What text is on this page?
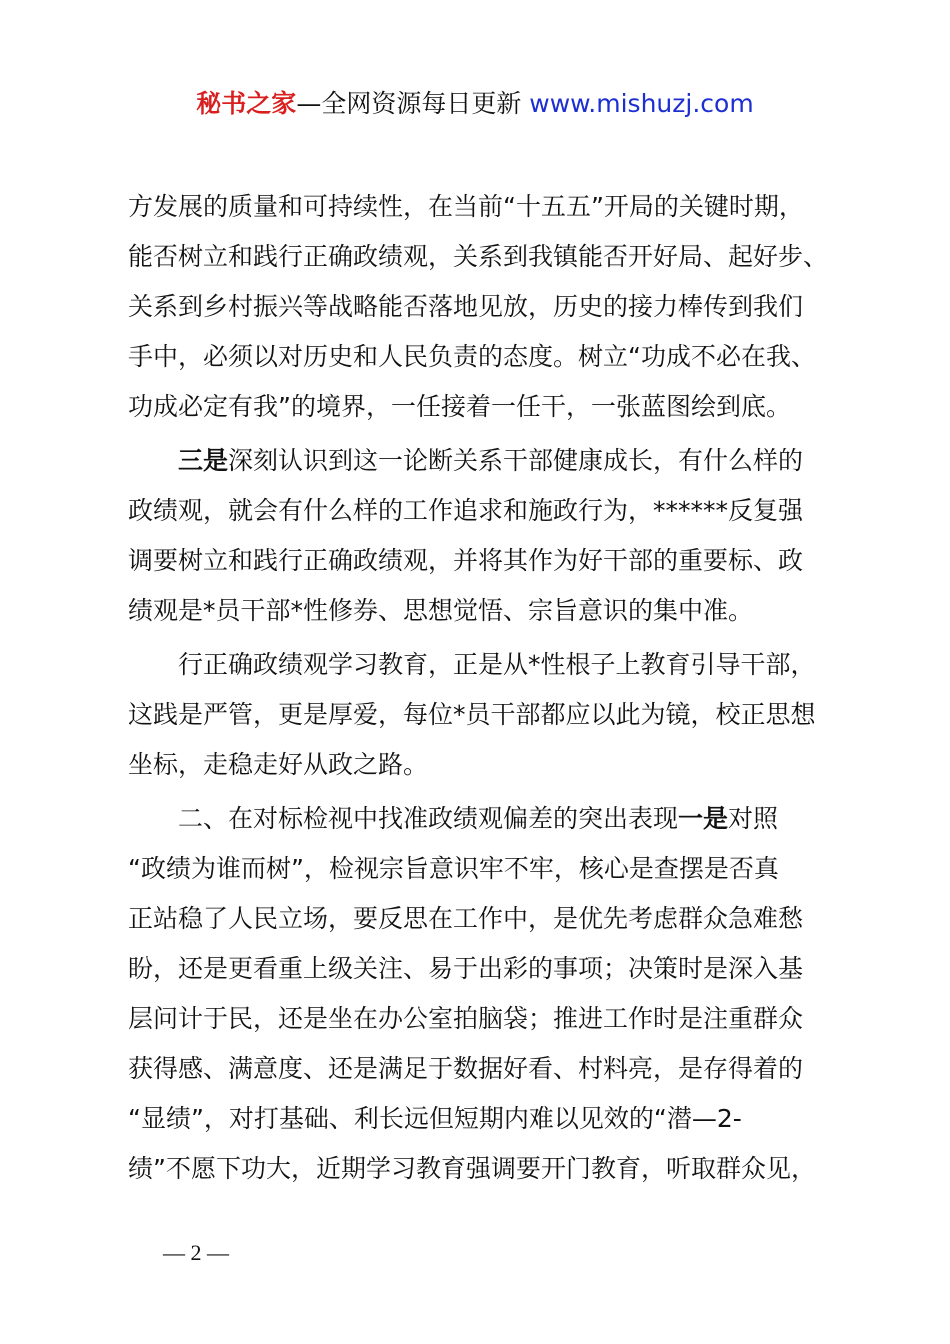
秘书之家—全网资源每日更新 www.mishuzj.com
方发展的质量和可持续性，在当前“十五五”开局的关键时期，
能否树立和践行正确政绩观，关系到我镇能否开好局、起好步、
关系到乡村振兴等战略能否落地见放，历史的接力棒传到我们
手中，必须以对历史和人民负责的态度。树立“功成不必在我、
功成必定有我”的境界，一任接着一任干，一张蓝图绘到底。
三是深刻认识到这一论断关系干部健康成长，有什么样的
政绩观，就会有什么样的工作追求和施政行为，******反复强
调要树立和践行正确政绩观，并将其作为好干部的重要标、政
绩观是*员干部*性修券、思想觉悟、宗旨意识的集中准。
行正确政绩观学习教育，正是从*性根子上教育引导干部，
这践是严管，更是厚爱，每位*员干部都应以此为镜，校正思想
坐标，走稳走好从政之路。
二、在对标检视中找准政绩观偏差的突出表现一是对照
“政绩为谁而树”，检视宗旨意识牢不牢，核心是查摆是否真
正站稳了人民立场，要反思在工作中，是优先考虑群众急难愁
盼，还是更看重上级关注、易于出彩的事项；决策时是深入基
层问计于民，还是坐在办公室拍脑袋；推进工作时是注重群众
获得感、满意度、还是满足于数据好看、村料亮，是存得着的
“显绩”，对打基础、利长远但短期内难以见效的“潜—2-
绩”不愿下功大，近期学习教育强调要开门教育，听取群众见，
— 2 —
